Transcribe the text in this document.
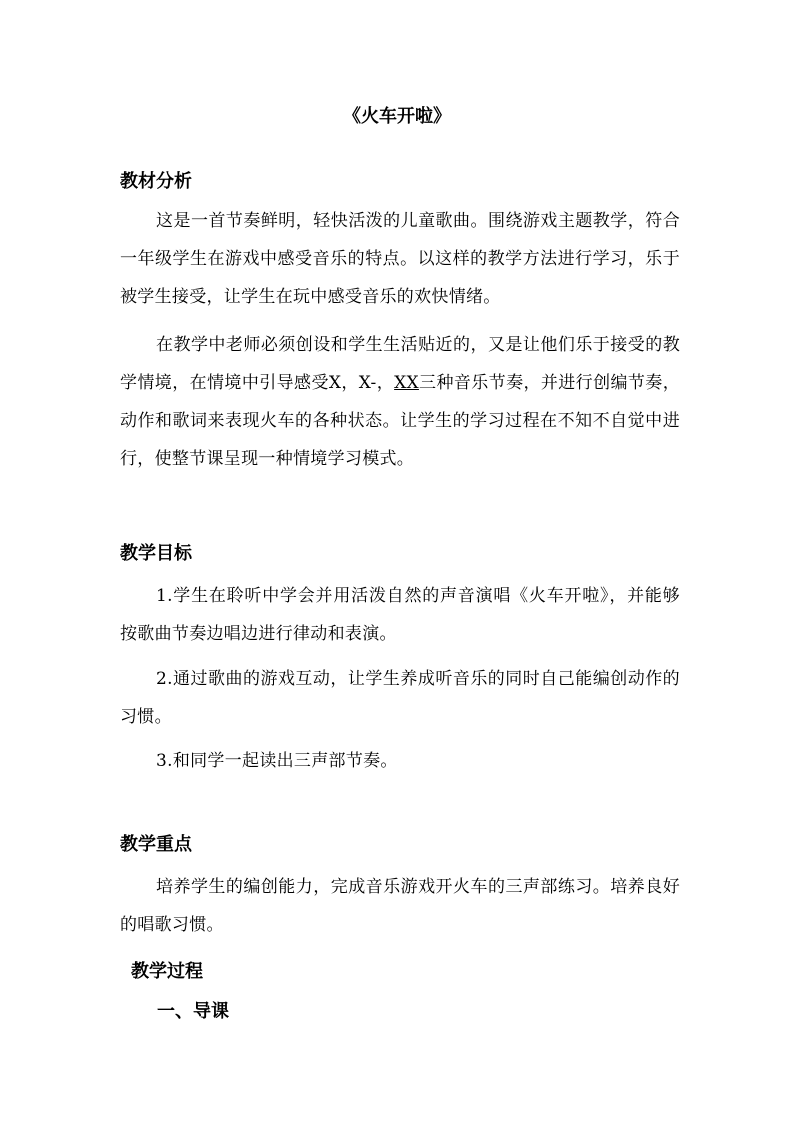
《火车开啦》
教材分析
这是一首节奏鲜明，轻快活泼的儿童歌曲。围绕游戏主题教学，符合一年级学生在游戏中感受音乐的特点。以这样的教学方法进行学习，乐于被学生接受，让学生在玩中感受音乐的欢快情绪。
在教学中老师必须创设和学生生活贴近的，又是让他们乐于接受的教学情境，在情境中引导感受X，X-，XX三种音乐节奏，并进行创编节奏，动作和歌词来表现火车的各种状态。让学生的学习过程在不知不自觉中进行，使整节课呈现一种情境学习模式。
教学目标
1.学生在聆听中学会并用活泼自然的声音演唱《火车开啦》，并能够按歌曲节奏边唱边进行律动和表演。
2.通过歌曲的游戏互动，让学生养成听音乐的同时自己能编创动作的习惯。
3.和同学一起读出三声部节奏。
教学重点
培养学生的编创能力，完成音乐游戏开火车的三声部练习。培养良好的唱歌习惯。
教学过程
一、导课
